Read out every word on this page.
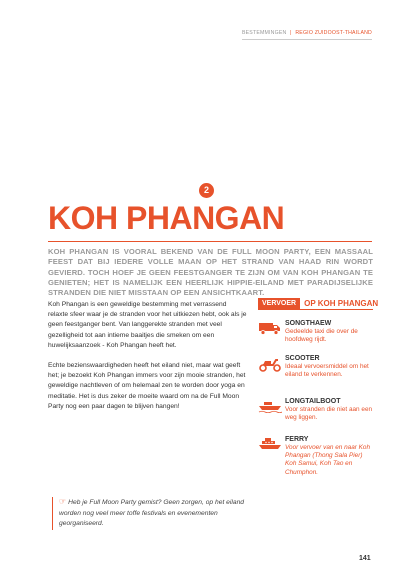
BESTEMMINGEN | REGIO ZUIDOOST-THAILAND
2
KOH PHANGAN

KOH PHANGAN IS VOORAL BEKEND VAN DE FULL MOON PARTY, EEN MASSAAL FEEST DAT BIJ IEDERE VOLLE MAAN OP HET STRAND VAN HAAD RIN WORDT GEVIERD. TOCH HOEF JE GEEN FEESTGANGER TE ZIJN OM VAN KOH PHANGAN TE GENIETEN; HET IS NAMELIJK EEN HEERLIJK HIPPIE-EILAND MET PARADIJSELIJKE STRANDEN DIE NIET MISSTAAN OP EEN ANSICHTKAART.

Koh Phangan is een geweldige bestemming met verrassend relaxte sfeer waar je de stranden voor het uitkiezen hebt, ook als je geen feestganger bent. Van langgerekte stranden met veel gezelligheid tot aan intieme baaitjes die smeken om een huwelijksaanzoek - Koh Phangan heeft het.

Echte bezienswaardigheden heeft het eiland niet, maar wat geeft het; je bezoekt Koh Phangan immers voor zijn mooie stranden, het geweldige nachtleven of om helemaal zen te worden door yoga en meditatie. Het is dus zeker de moeite waard om na de Full Moon Party nog een paar dagen te blijven hangen!

☞ Heb je Full Moon Party gemist? Geen zorgen, op het eiland worden nog veel meer toffe festivals en evenementen georganiseerd.
VERVOER	OP KOH PHANGAN
SONGTHAEW
Gedeelde taxi die over de hoofdweg rijdt.
SCOOTER
Ideaal vervoersmiddel om het eiland te verkennen.
LONGTAILBOOT
Voor stranden die niet aan een weg liggen.
FERRY
Voor vervoer van en naar Koh Phangan (Thong Sala Pier) Koh Samui, Koh Tao en Chumphon.
141
